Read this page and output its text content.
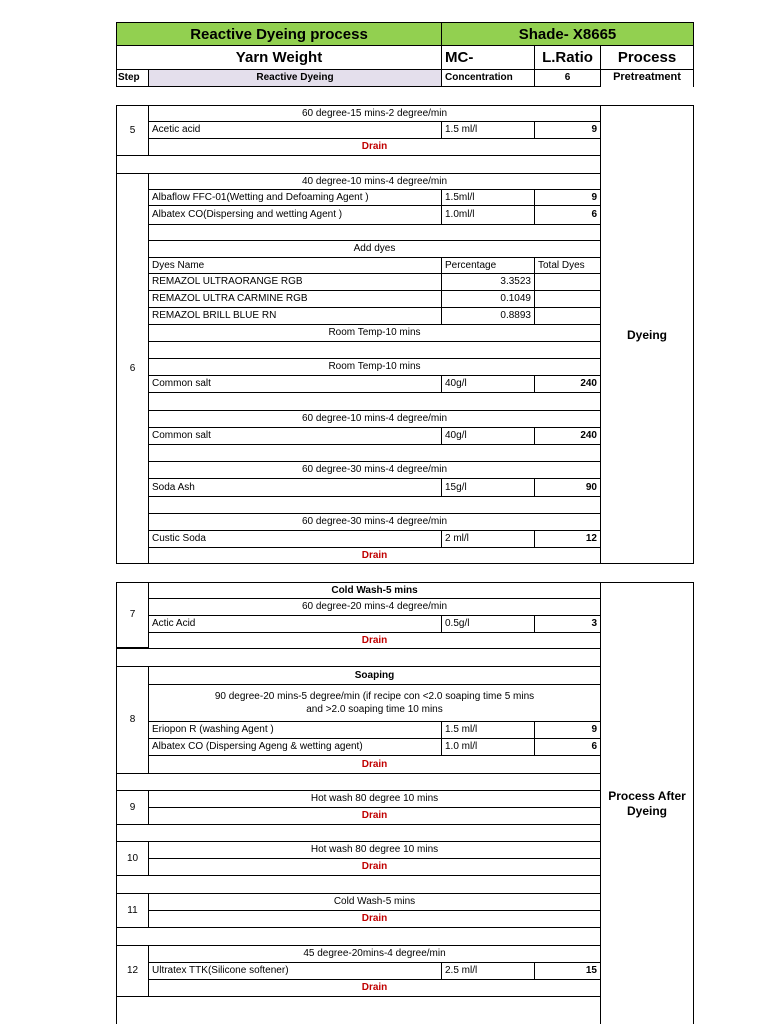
Reactive Dyeing process	Shade- X8665
Yarn Weight	MC-	L.Ratio	Process
Step	Reactive Dyeing	Concentration	6	Pretreatment
5
60 degree-15 mins-2 degree/min
Acetic acid	1.5 ml/l	9
Drain
6
40 degree-10 mins-4 degree/min
Albaflow FFC-01(Wetting and Defoaming Agent )	1.5ml/l	9
Albatex CO(Dispersing and wetting Agent )	1.0ml/l	6
Add dyes
Dyes Name	Percentage	Total Dyes
REMAZOL ULTRAORANGE RGB	3.3523
REMAZOL ULTRA CARMINE RGB	0.1049
REMAZOL BRILL BLUE RN	0.8893
Room Temp-10 mins
Room Temp-10 mins
Common salt	40g/l	240
60 degree-10 mins-4 degree/min
Common salt	40g/l	240
60 degree-30 mins-4 degree/min
Soda Ash	15g/l	90
60 degree-30 mins-4 degree/min
Custic Soda	2 ml/l	12
Drain
Dyeing
7
Cold Wash-5 mins
60 degree-20 mins-4 degree/min
Actic Acid	0.5g/l	3
Drain
8
Soaping
90 degree-20 mins-5 degree/min (if recipe con <2.0 soaping time 5 mins and >2.0 soaping time 10 mins
Eriopon R (washing Agent )	1.5 ml/l	9
Albatex CO (Dispersing Ageng & wetting agent)	1.0 ml/l	6
Drain
9
Hot wash 80 degree 10 mins
Drain
10
Hot wash 80 degree 10 mins
Drain
11
Cold Wash-5 mins
Drain
12
45 degree-20mins-4 degree/min
Ultratex TTK(Silicone softener)	2.5 ml/l	15
Drain
Process After Dyeing
